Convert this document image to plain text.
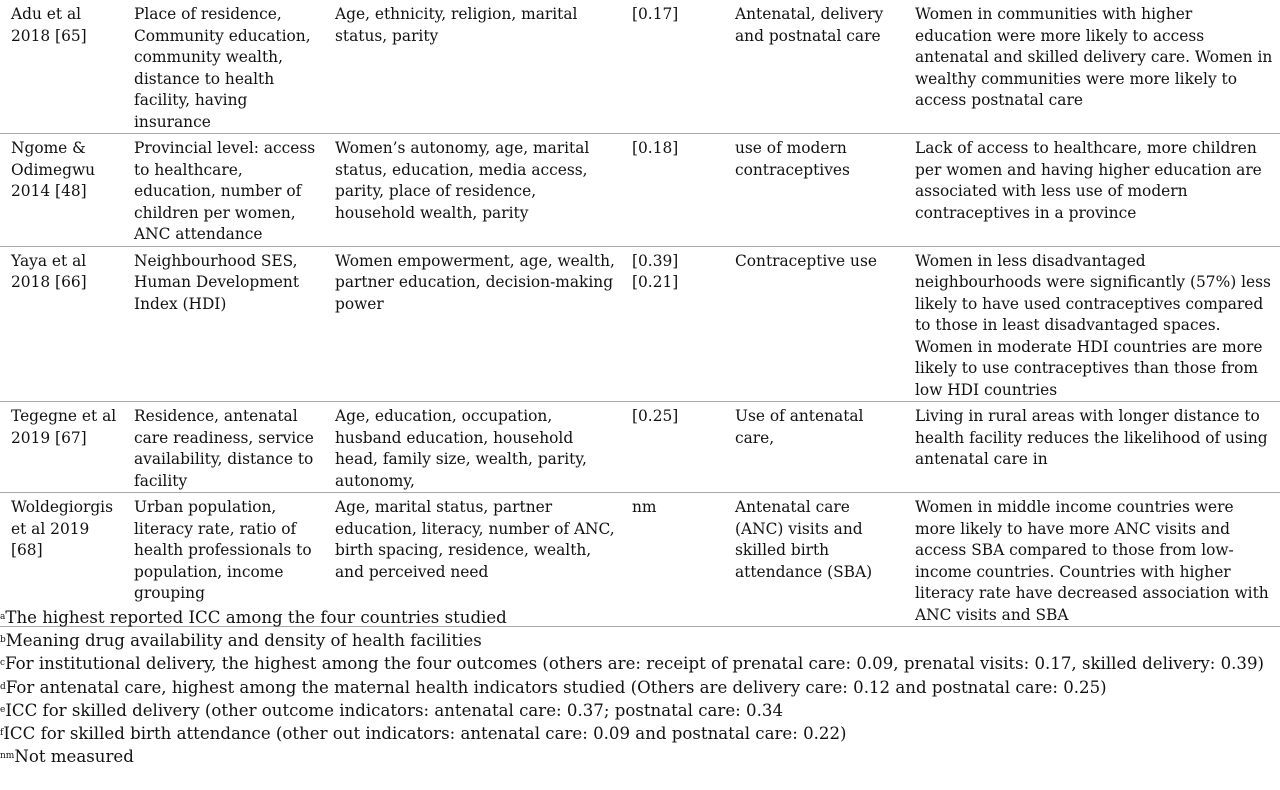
Adu et al 2018 [65]	Place of residence, Community education, community wealth, distance to health facility, having insurance	Age, ethnicity, religion, marital status, parity	[0.17]	Antenatal, delivery and postnatal care	Women in communities with higher education were more likely to access antenatal and skilled delivery care. Women in wealthy communities were more likely to access postnatal care
Ngome & Odimegwu 2014 [48]	Provincial level: access to healthcare, education, number of children per women, ANC attendance	Women’s autonomy, age, marital status, education, media access, parity, place of residence, household wealth, parity	[0.18]	use of modern contraceptives	Lack of access to healthcare, more children per women and having higher education are associated with less use of modern contraceptives in a province
Yaya et al 2018 [66]	Neighbourhood SES, Human Development Index (HDI)	Women empowerment, age, wealth, partner education, decision-making power	[0.39] [0.21]	Contraceptive use	Women in less disadvantaged neighbourhoods were significantly (57%) less likely to have used contraceptives compared to those in least disadvantaged spaces. Women in moderate HDI countries are more likely to use contraceptives than those from low HDI countries
Tegegne et al 2019 [67]	Residence, antenatal care readiness, service availability, distance to facility	Age, education, occupation, husband education, household head, family size, wealth, parity, autonomy,	[0.25]	Use of antenatal care,	Living in rural areas with longer distance to health facility reduces the likelihood of using antenatal care in
Woldegiorgis et al 2019 [68]	Urban population, literacy rate, ratio of health professionals to population, income grouping	Age, marital status, partner education, literacy, number of ANC, birth spacing, residence, wealth, and perceived need	nm	Antenatal care (ANC) visits and skilled birth attendance (SBA)	Women in middle income countries were more likely to have more ANC visits and access SBA compared to those from low-income countries. Countries with higher literacy rate have decreased association with ANC visits and SBA

$^a$The highest reported ICC among the four countries studied

$^b$Meaning drug availability and density of health facilities

$^c$For institutional delivery, the highest among the four outcomes (others are: receipt of prenatal care: 0.09, prenatal visits: 0.17, skilled delivery: 0.39)

$^d$For antenatal care, highest among the maternal health indicators studied (Others are delivery care: 0.12 and postnatal care: 0.25)

$^e$ICC for skilled delivery (other outcome indicators: antenatal care: 0.37; postnatal care: 0.34

$^f$ICC for skilled birth attendance (other out indicators: antenatal care: 0.09 and postnatal care: 0.22)

$^{nm}$Not measured
